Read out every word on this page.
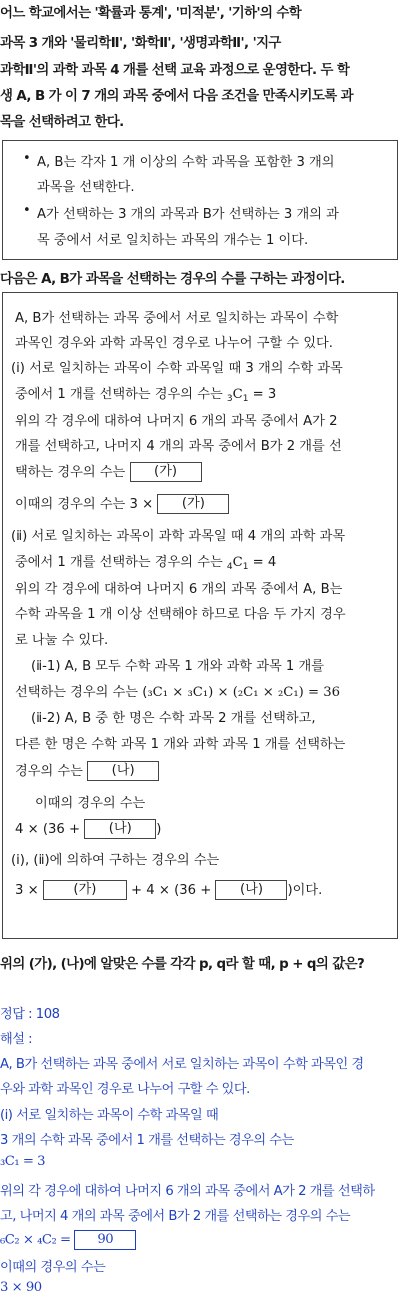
어느 학교에서는 '확률과 통계', '미적분', '기하'의 수학
과목 3 개와 '물리학Ⅱ', '화학Ⅱ', '생명과학Ⅱ', '지구
과학Ⅱ'의 과학 과목 4 개를 선택 교육 과정으로 운영한다. 두 학
생 A, B 가 이 7 개의 과목 중에서 다음 조건을 만족시키도록 과
목을 선택하려고 한다.
• A, B는 각자 1 개 이상의 수학 과목을 포함한 3 개의
과목을 선택한다.
• A가 선택하는 3 개의 과목과 B가 선택하는 3 개의 과
목 중에서 서로 일치하는 과목의 개수는 1 이다.
다음은 A, B가 과목을 선택하는 경우의 수를 구하는 과정이다.
A, B가 선택하는 과목 중에서 서로 일치하는 과목이 수학
과목인 경우와 과학 과목인 경우로 나누어 구할 수 있다.
(ⅰ) 서로 일치하는 과목이 수학 과목일 때 3 개의 수학 과목
중에서 1 개를 선택하는 경우의 수는 $_3C_1 = 3$
위의 각 경우에 대하여 나머지 6 개의 과목 중에서 A가 2
개를 선택하고, 나머지 4 개의 과목 중에서 B가 2 개를 선
택하는 경우의 수는 (가)
이때의 경우의 수는 3 × (가)
(ⅱ) 서로 일치하는 과목이 과학 과목일 때 4 개의 과학 과목
중에서 1 개를 선택하는 경우의 수는 $_4C_1 = 4$
위의 각 경우에 대하여 나머지 6 개의 과목 중에서 A, B는
수학 과목을 1 개 이상 선택해야 하므로 다음 두 가지 경우
로 나눌 수 있다.
(ⅱ-1) A, B 모두 수학 과목 1 개와 과학 과목 1 개를
선택하는 경우의 수는 (₃C₁ × ₃C₁) × (₂C₁ × ₂C₁) = 36
(ⅱ-2) A, B 중 한 명은 수학 과목 2 개를 선택하고,
다른 한 명은 수학 과목 1 개와 과학 과목 1 개를 선택하는
경우의 수는 (나)
이때의 경우의 수는
4 × (36 + (나) )
(ⅰ), (ⅱ)에 의하여 구하는 경우의 수는
3 ×	(가)	+ 4 × (36 + (나) )이다.
위의 (가), (나)에 알맞은 수를 각각 p, q라 할 때, p + q의 값은?
정답 : 108
해설 :
A, B가 선택하는 과목 중에서 서로 일치하는 과목이 수학 과목인 경
우와 과학 과목인 경우로 나누어 구할 수 있다.
(ⅰ) 서로 일치하는 과목이 수학 과목일 때
3 개의 수학 과목 중에서 1 개를 선택하는 경우의 수는
₃C₁ = 3
위의 각 경우에 대하여 나머지 6 개의 과목 중에서 A가 2 개를 선택하
고, 나머지 4 개의 과목 중에서 B가 2 개를 선택하는 경우의 수는
₆C₂ × ₄C₂ = 90
이때의 경우의 수는
3 × 90
